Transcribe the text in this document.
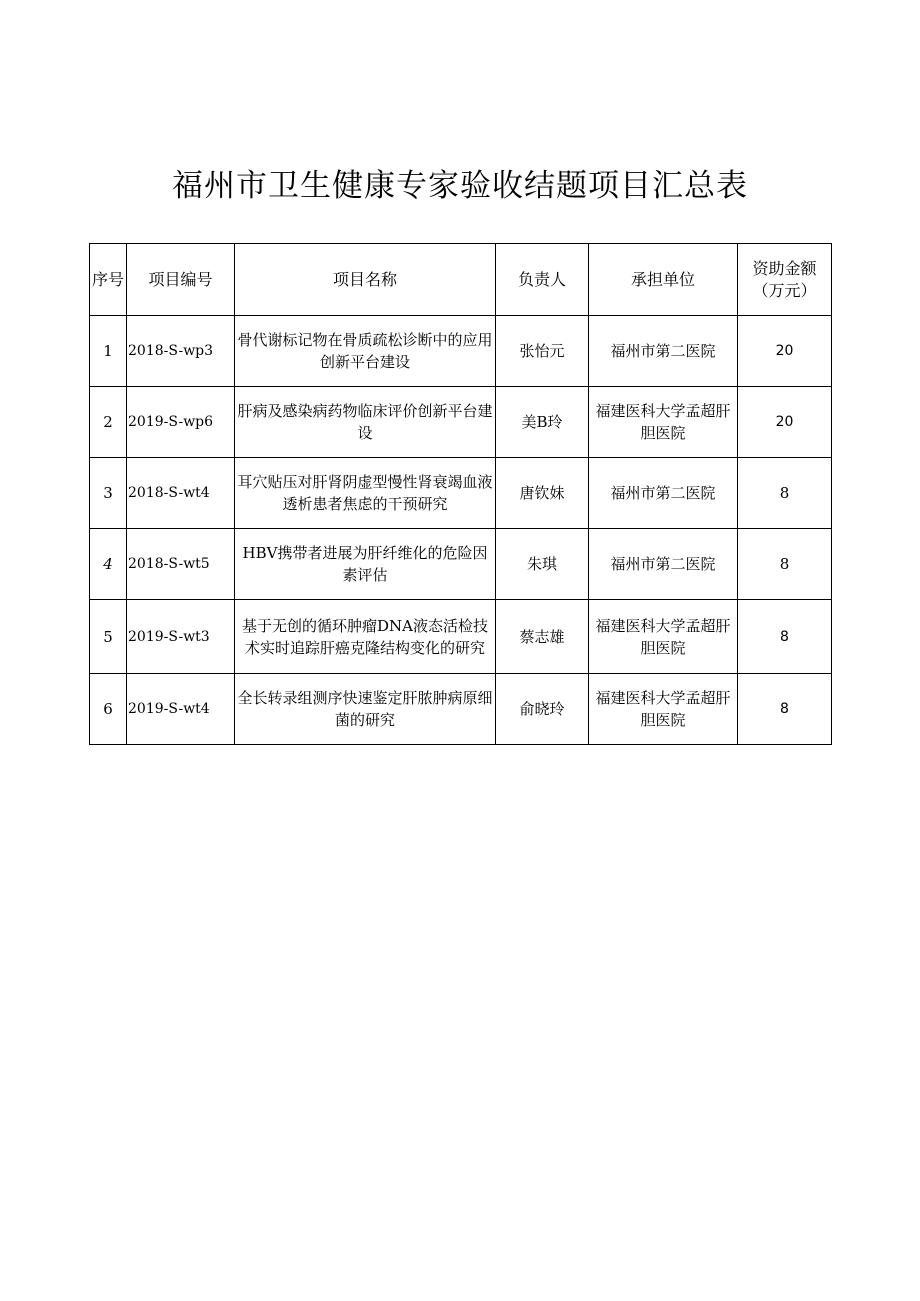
福州市卫生健康专家验收结题项目汇总表
序号	项目编号	项目名称	负责人	承担单位	资助金额（万元）
1	2018-S-wp3	骨代谢标记物在骨质疏松诊断中的应用创新平台建设	张怡元	福州市第二医院	20
2	2019-S-wp6	肝病及感染病药物临床评价创新平台建设	美B玲	福建医科大学孟超肝胆医院	20
3	2018-S-wt4	耳穴贴压对肝肾阴虚型慢性肾衰竭血液透析患者焦虑的干预研究	唐钦妹	福州市第二医院	8
4	2018-S-wt5	HBV携带者进展为肝纤维化的危险因素评估	朱琪	福州市第二医院	8
5	2019-S-wt3	基于无创的循环肿瘤DNA液态活检技术实时追踪肝癌克隆结构变化的研究	蔡志雄	福建医科大学孟超肝胆医院	8
6	2019-S-wt4	全长转录组测序快速鉴定肝脓肿病原细菌的研究	俞晓玲	福建医科大学孟超肝胆医院	8
